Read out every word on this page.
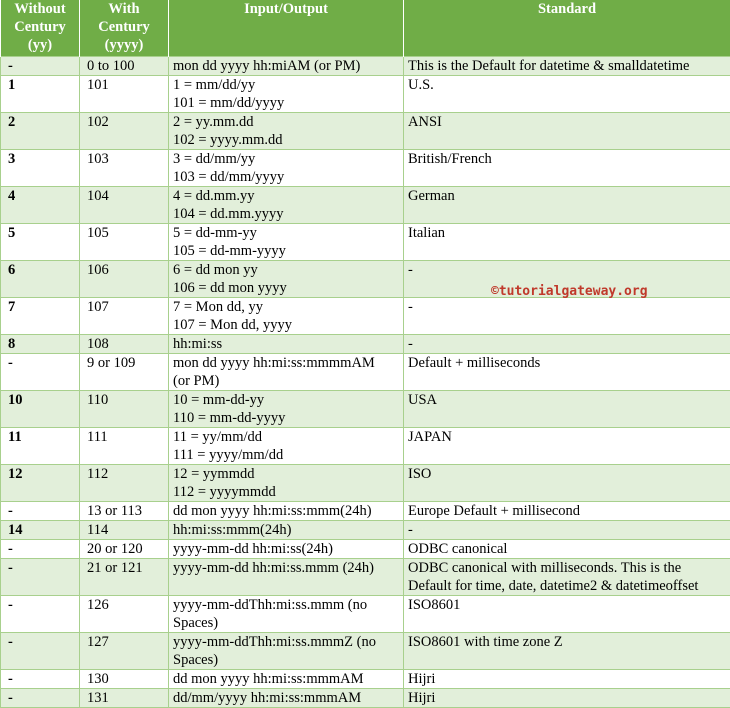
Without
Century
(yy)	With
Century
(yyyy)	Input/Output	Standard
-	0 to 100	mon dd yyyy hh:miAM (or PM)	This is the Default for datetime & smalldatetime
1	101	1 = mm/dd/yy
101 = mm/dd/yyyy	U.S.
2	102	2 = yy.mm.dd
102 = yyyy.mm.dd	ANSI
3	103	3 = dd/mm/yy
103 = dd/mm/yyyy	British/French
4	104	4 = dd.mm.yy
104 = dd.mm.yyyy	German
5	105	5 = dd-mm-yy
105 = dd-mm-yyyy	Italian
6	106	6 = dd mon yy
106 = dd mon yyyy	-
7	107	7 = Mon dd, yy
107 = Mon dd, yyyy	-
8	108	hh:mi:ss	-
-	9 or 109	mon dd yyyy hh:mi:ss:mmmmAM
(or PM)	Default + milliseconds
10	110	10 = mm-dd-yy
110 = mm-dd-yyyy	USA
11	111	11 = yy/mm/dd
111 = yyyy/mm/dd	JAPAN
12	112	12 = yymmdd
112 = yyyymmdd	ISO
-	13 or 113	dd mon yyyy hh:mi:ss:mmm(24h)	Europe Default + millisecond
14	114	hh:mi:ss:mmm(24h)	-
-	20 or 120	yyyy-mm-dd hh:mi:ss(24h)	ODBC canonical
-	21 or 121	yyyy-mm-dd hh:mi:ss.mmm (24h)	ODBC canonical with milliseconds. This is the
Default for time, date, datetime2 & datetimeoffset
-	126	yyyy-mm-ddThh:mi:ss.mmm (no
Spaces)	ISO8601
-	127	yyyy-mm-ddThh:mi:ss.mmmZ (no
Spaces)	ISO8601 with time zone Z
-	130	dd mon yyyy hh:mi:ss:mmmAM	Hijri
-	131	dd/mm/yyyy hh:mi:ss:mmmAM	Hijri
©tutorialgateway.org
